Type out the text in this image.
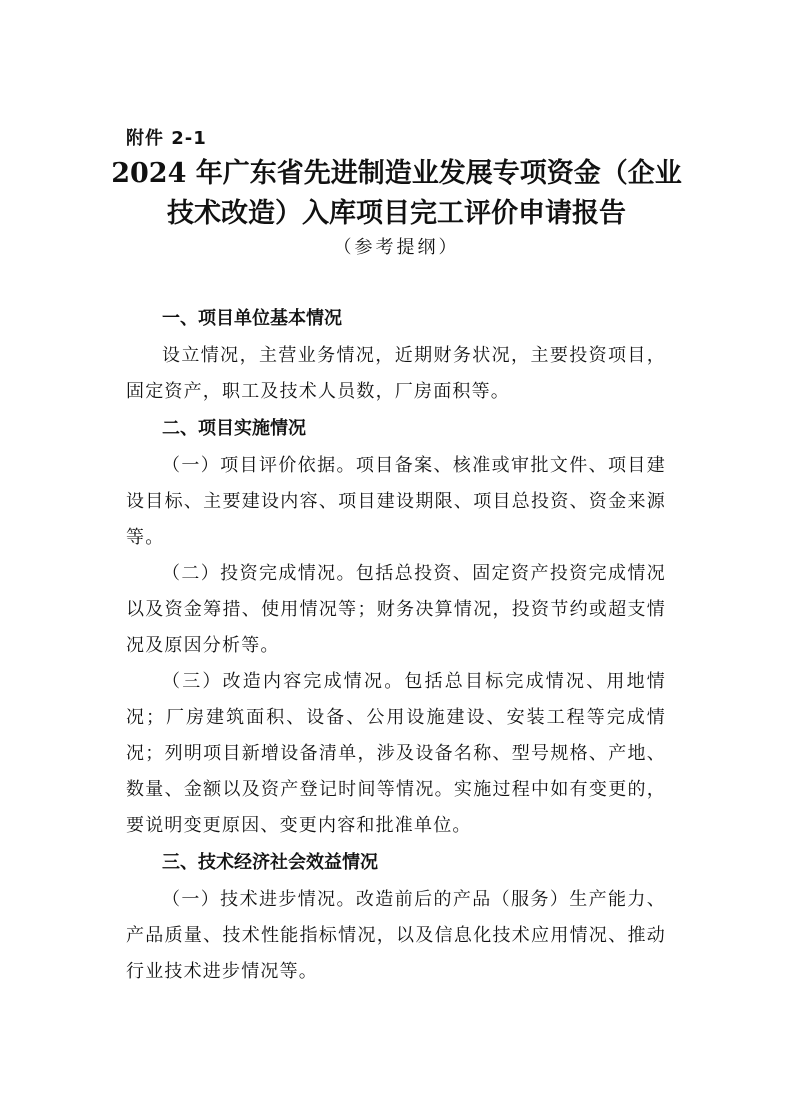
附件 2-1
2024 年广东省先进制造业发展专项资金（企业技术改造）入库项目完工评价申请报告
（参考提纲）

一、项目单位基本情况

设立情况，主营业务情况，近期财务状况，主要投资项目，固定资产，职工及技术人员数，厂房面积等。

二、项目实施情况

（一）项目评价依据。项目备案、核准或审批文件、项目建设目标、主要建设内容、项目建设期限、项目总投资、资金来源等。

（二）投资完成情况。包括总投资、固定资产投资完成情况以及资金筹措、使用情况等；财务决算情况，投资节约或超支情况及原因分析等。

（三）改造内容完成情况。包括总目标完成情况、用地情况；厂房建筑面积、设备、公用设施建设、安装工程等完成情况；列明项目新增设备清单，涉及设备名称、型号规格、产地、数量、金额以及资产登记时间等情况。实施过程中如有变更的，要说明变更原因、变更内容和批准单位。

三、技术经济社会效益情况

（一）技术进步情况。改造前后的产品（服务）生产能力、产品质量、技术性能指标情况，以及信息化技术应用情况、推动行业技术进步情况等。
